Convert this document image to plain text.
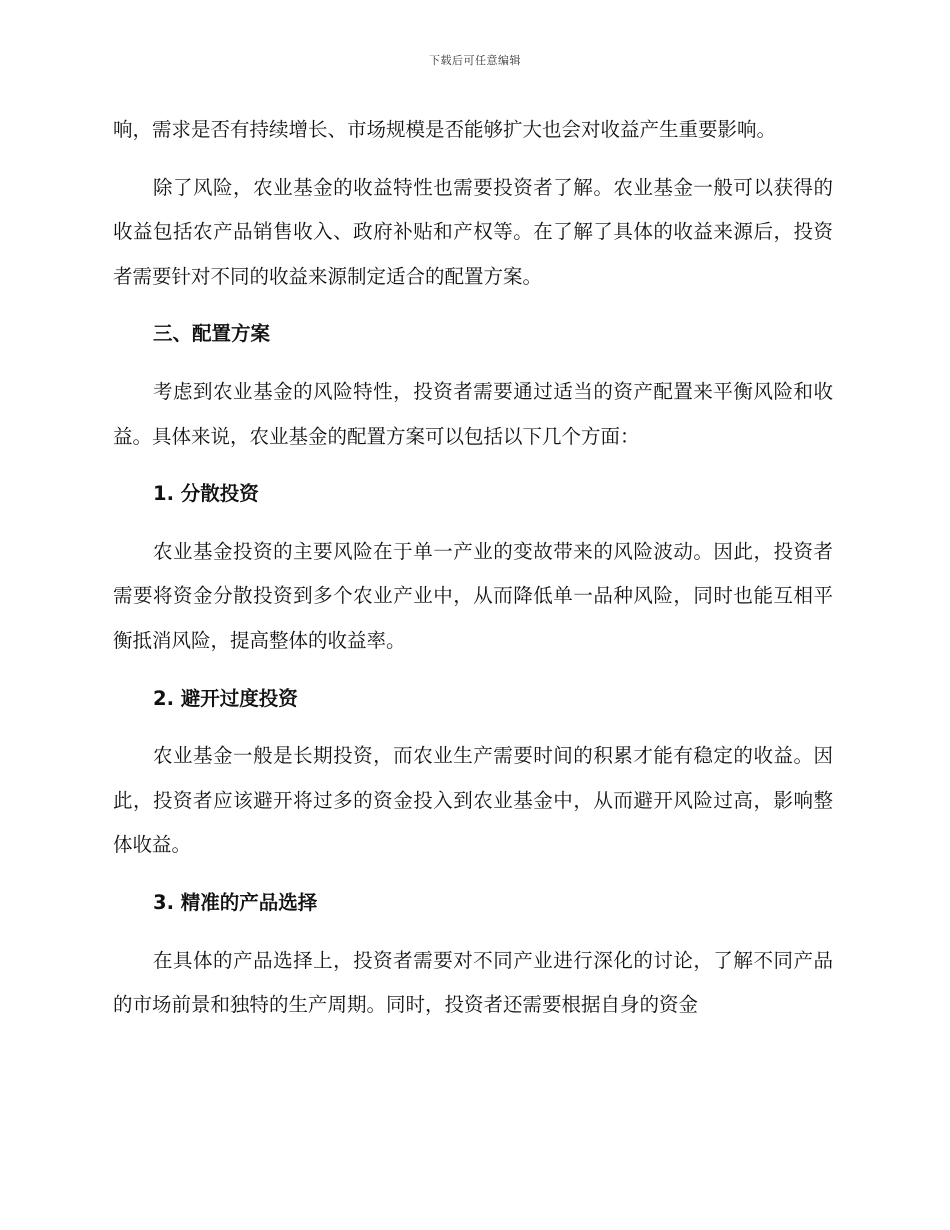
下载后可任意编辑

响，需求是否有持续增长、市场规模是否能够扩大也会对收益产生重要影响。

除了风险，农业基金的收益特性也需要投资者了解。农业基金一般可以获得的收益包括农产品销售收入、政府补贴和产权等。在了解了具体的收益来源后，投资者需要针对不同的收益来源制定适合的配置方案。

三、配置方案

考虑到农业基金的风险特性，投资者需要通过适当的资产配置来平衡风险和收益。具体来说，农业基金的配置方案可以包括以下几个方面：

1. 分散投资

农业基金投资的主要风险在于单一产业的变故带来的风险波动。因此，投资者需要将资金分散投资到多个农业产业中，从而降低单一品种风险，同时也能互相平衡抵消风险，提高整体的收益率。

2. 避开过度投资

农业基金一般是长期投资，而农业生产需要时间的积累才能有稳定的收益。因此，投资者应该避开将过多的资金投入到农业基金中，从而避开风险过高，影响整体收益。

3. 精准的产品选择

在具体的产品选择上，投资者需要对不同产业进行深化的讨论，了解不同产品的市场前景和独特的生产周期。同时，投资者还需要根据自身的资金
